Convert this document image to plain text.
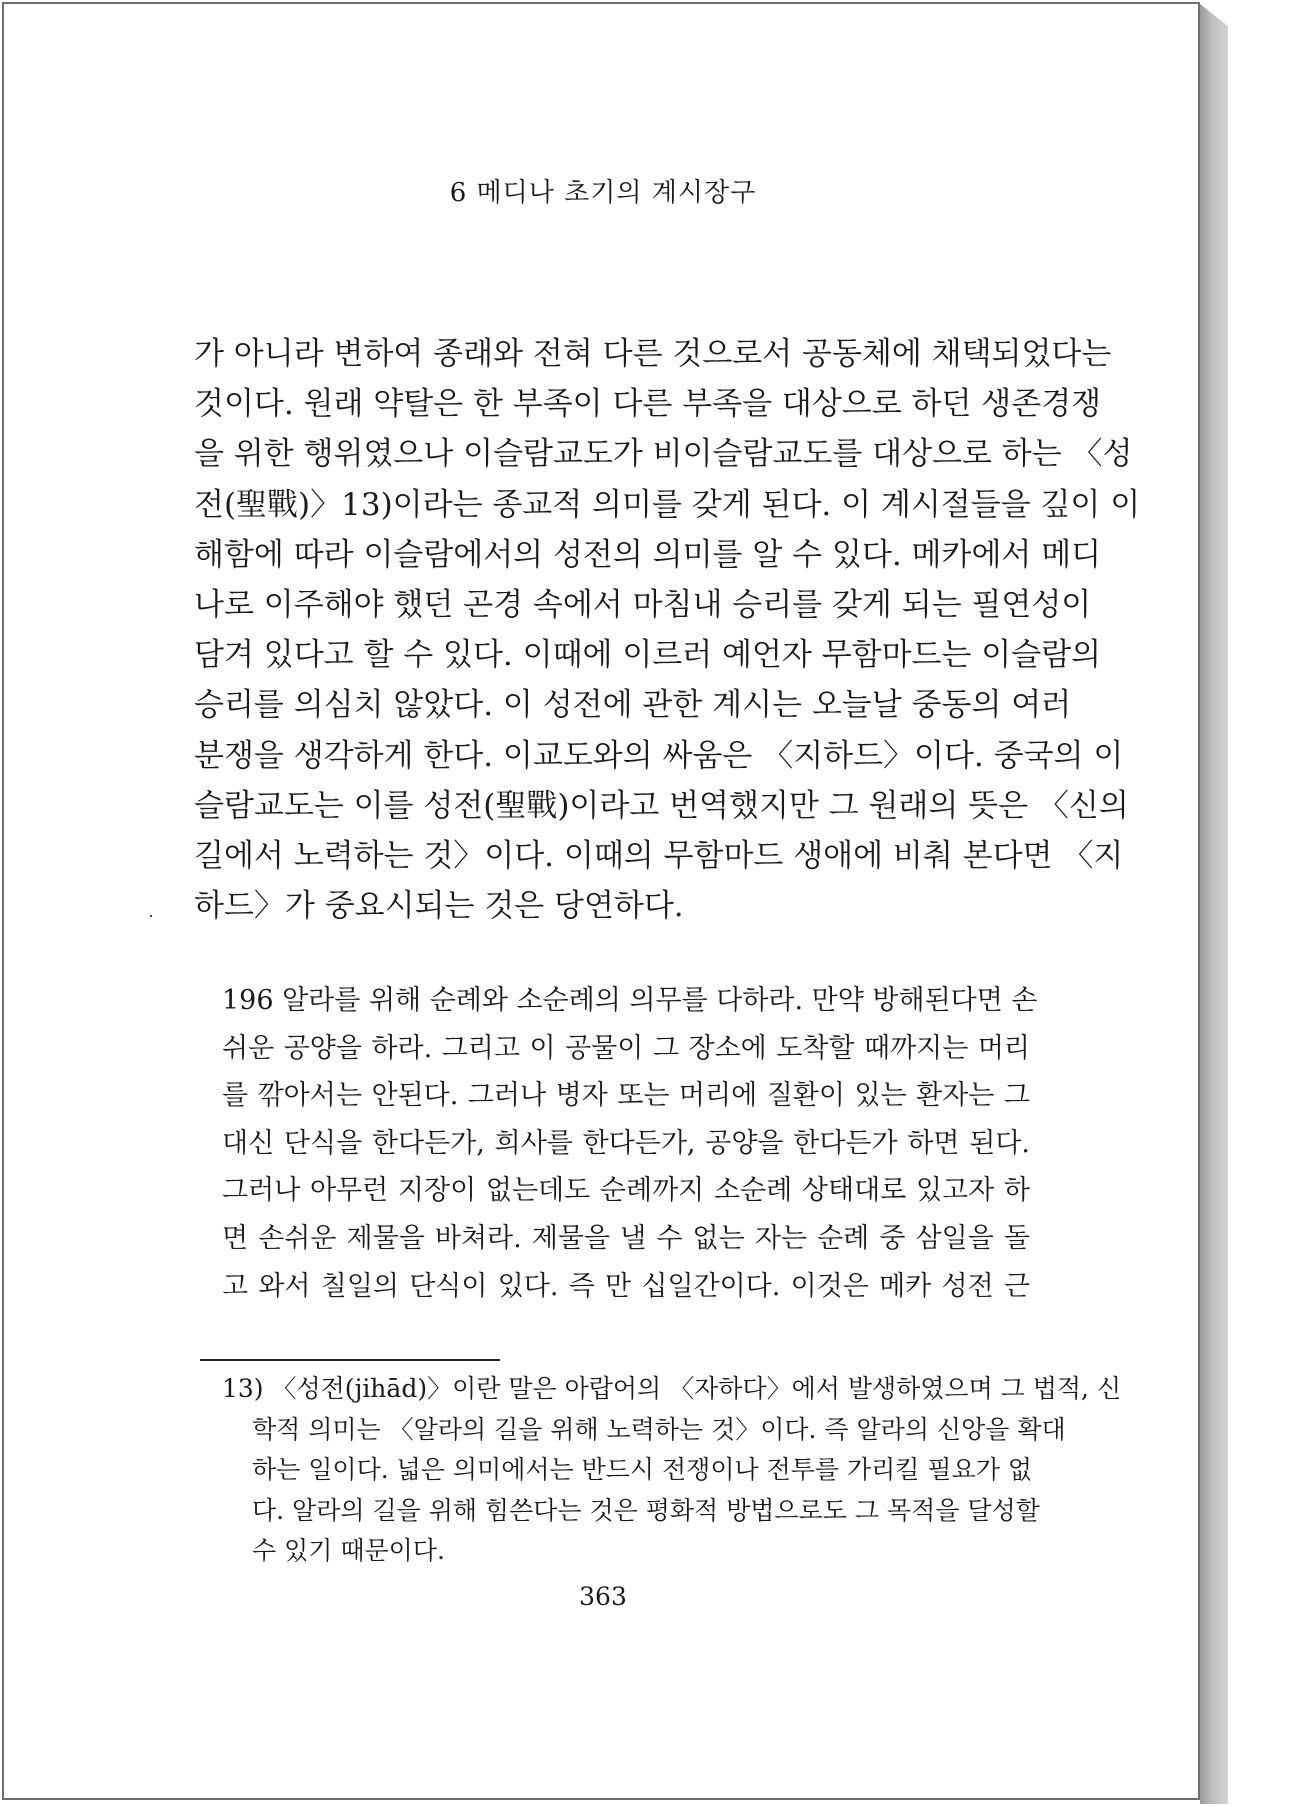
6 메디나 초기의 계시장구
가 아니라 변하여 종래와 전혀 다른 것으로서 공동체에 채택되었다는
것이다. 원래 약탈은 한 부족이 다른 부족을 대상으로 하던 생존경쟁
을 위한 행위였으나 이슬람교도가 비이슬람교도를 대상으로 하는 〈성
전(聖戰)〉13)이라는 종교적 의미를 갖게 된다. 이 계시절들을 깊이 이
해함에 따라 이슬람에서의 성전의 의미를 알 수 있다. 메카에서 메디
나로 이주해야 했던 곤경 속에서 마침내 승리를 갖게 되는 필연성이
담겨 있다고 할 수 있다. 이때에 이르러 예언자 무함마드는 이슬람의
승리를 의심치 않았다. 이 성전에 관한 계시는 오늘날 중동의 여러
분쟁을 생각하게 한다. 이교도와의 싸움은 〈지하드〉이다. 중국의 이
슬람교도는 이를 성전(聖戰)이라고 번역했지만 그 원래의 뜻은 〈신의
길에서 노력하는 것〉이다. 이때의 무함마드 생애에 비춰 본다면 〈지
하드〉가 중요시되는 것은 당연하다.
196 알라를 위해 순례와 소순례의 의무를 다하라. 만약 방해된다면 손
쉬운 공양을 하라. 그리고 이 공물이 그 장소에 도착할 때까지는 머리
를 깎아서는 안된다. 그러나 병자 또는 머리에 질환이 있는 환자는 그
대신 단식을 한다든가, 희사를 한다든가, 공양을 한다든가 하면 된다.
그러나 아무런 지장이 없는데도 순례까지 소순례 상태대로 있고자 하
면 손쉬운 제물을 바쳐라. 제물을 낼 수 없는 자는 순례 중 삼일을 돌
고 와서 칠일의 단식이 있다. 즉 만 십일간이다. 이것은 메카 성전 근
13) 〈성전(jihād)〉이란 말은 아랍어의 〈자하다〉에서 발생하였으며 그 법적, 신
학적 의미는 〈알라의 길을 위해 노력하는 것〉이다. 즉 알라의 신앙을 확대
하는 일이다. 넓은 의미에서는 반드시 전쟁이나 전투를 가리킬 필요가 없
다. 알라의 길을 위해 힘쓴다는 것은 평화적 방법으로도 그 목적을 달성할
수 있기 때문이다.
363
